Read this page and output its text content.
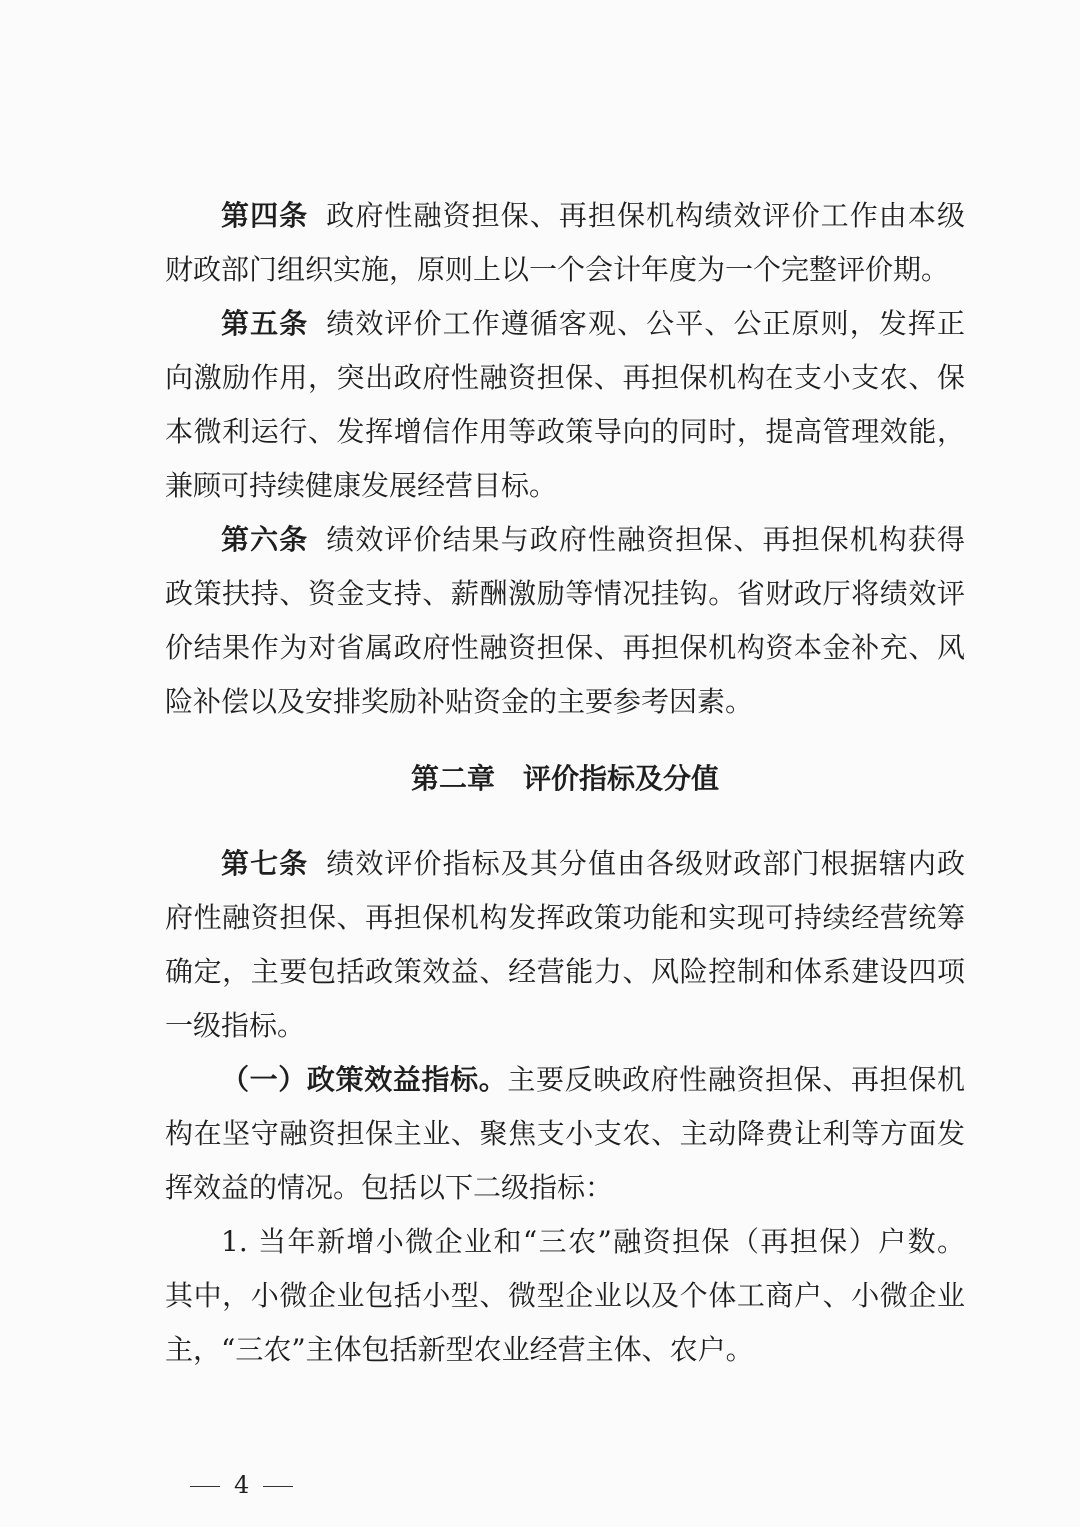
第四条 政府性融资担保、再担保机构绩效评价工作由本级
财政部门组织实施，原则上以一个会计年度为一个完整评价期。
第五条 绩效评价工作遵循客观、公平、公正原则，发挥正
向激励作用，突出政府性融资担保、再担保机构在支小支农、保
本微利运行、发挥增信作用等政策导向的同时，提高管理效能，
兼顾可持续健康发展经营目标。
第六条 绩效评价结果与政府性融资担保、再担保机构获得
政策扶持、资金支持、薪酬激励等情况挂钩。省财政厅将绩效评
价结果作为对省属政府性融资担保、再担保机构资本金补充、风
险补偿以及安排奖励补贴资金的主要参考因素。
第二章 评价指标及分值
第七条 绩效评价指标及其分值由各级财政部门根据辖内政
府性融资担保、再担保机构发挥政策功能和实现可持续经营统筹
确定，主要包括政策效益、经营能力、风险控制和体系建设四项
一级指标。
（一）政策效益指标。主要反映政府性融资担保、再担保机
构在坚守融资担保主业、聚焦支小支农、主动降费让利等方面发
挥效益的情况。包括以下二级指标：
1. 当年新增小微企业和“三农”融资担保（再担保）户数。
其中，小微企业包括小型、微型企业以及个体工商户、小微企业
主，“三农”主体包括新型农业经营主体、农户。
4
